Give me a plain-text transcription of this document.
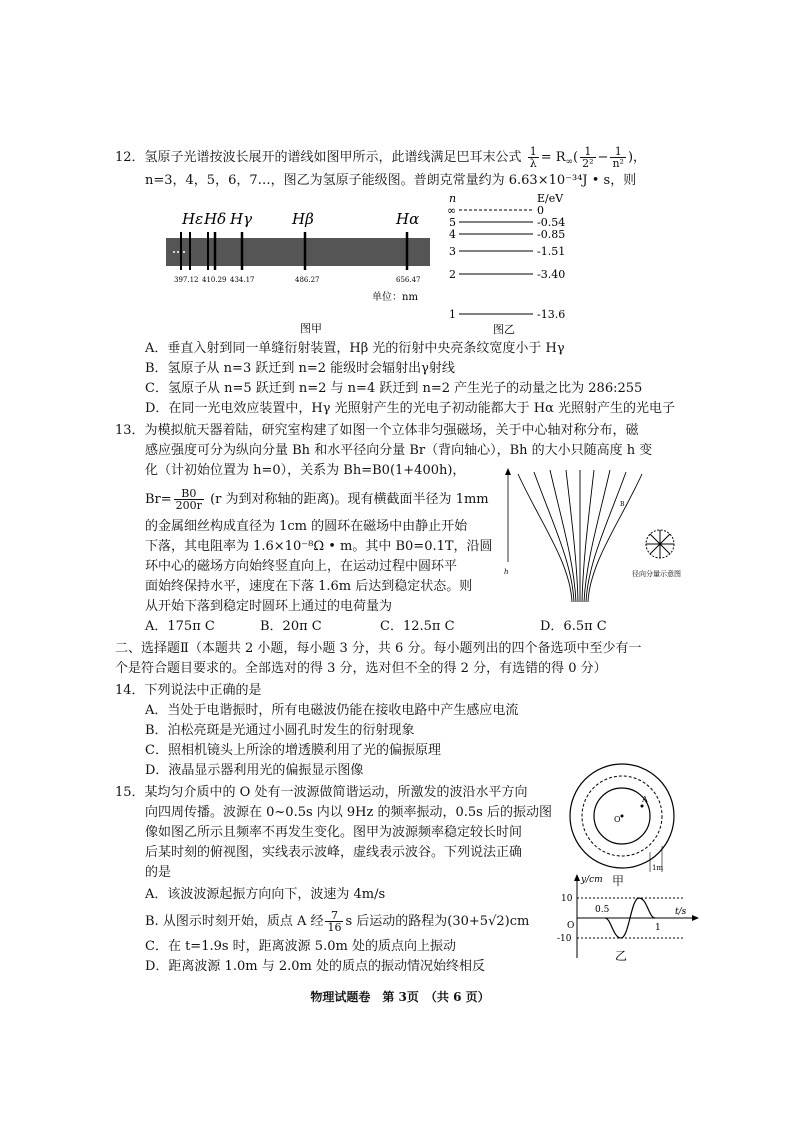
12．氢原子光谱按波长展开的谱线如图甲所示，此谱线满足巴耳末公式 $\frac{1}{\lambda} = R_\infty( \frac{1}{\text{2²}} - \frac{1}{\text{n²}}$ )，
n=3，4，5，6，7…，图乙为氢原子能级图。普朗克常量约为 6.63×10⁻³⁴J • s，则
Hε Hδ Hγ	Hβ	Hα
397.12 410.29 434.17	486.27	656.47
单位：nm
图甲
n	E/eV
∞	0
5	-0.54
4	-0.85
3	-1.51
2	-3.40
1	-13.6
图乙
A．垂直入射到同一单缝衍射装置，Hβ 光的衍射中央亮条纹宽度小于 Hγ
B．氢原子从 n=3 跃迁到 n=2 能级时会辐射出γ射线
C．氢原子从 n=5 跃迁到 n=2 与 n=4 跃迁到 n=2 产生光子的动量之比为 286:255
D．在同一光电效应装置中，Hγ 光照射产生的光电子初动能都大于 Hα 光照射产生的光电子
13．为模拟航天器着陆，研究室构建了如图一个立体非匀强磁场，关于中心轴对称分布，磁
感应强度可分为纵向分量 Bh 和水平径向分量 Br（背向轴心），Bh 的大小只随高度 h 变
化（计初始位置为 h=0），关系为 Bh=B0(1+400h)，
$Br= \frac{B0}{200r} (r$ 为到对称轴的距离)。现有横截面半径为 1mm
的金属细丝构成直径为 1cm 的圆环在磁场中由静止开始
下落，其电阻率为 1.6×10⁻⁸Ω • m。其中 B0=0.1T，沿圆
环中心的磁场方向始终竖直向上，在运动过程中圆环平
面始终保持水平，速度在下落 1.6m 后达到稳定状态。则
从开始下落到稳定时圆环上通过的电荷量为
h
B
径向分量示意图
A．175π C	B．20π C	C．12.5π C	D．6.5π C
二、选择题Ⅱ（本题共 2 小题，每小题 3 分，共 6 分。每小题列出的四个备选项中至少有一
个是符合题目要求的。全部选对的得 3 分，选对但不全的得 2 分，有选错的得 0 分）
14．下列说法中正确的是
A．当处于电谐振时，所有电磁波仍能在接收电路中产生感应电流
B．泊松亮斑是光通过小圆孔时发生的衍射现象
C．照相机镜头上所涂的增透膜利用了光的偏振原理
D．液晶显示器利用光的偏振显示图像
15．某均匀介质中的 O 处有一波源做简谐运动，所激发的波沿水平方向
向四周传播。波源在 0~0.5s 内以 9Hz 的频率振动，0.5s 后的振动图
像如图乙所示且频率不再发生变化。图甲为波源频率稳定较长时间
后某时刻的俯视图，实线表示波峰，虚线表示波谷。下列说法正确
的是
A．该波波源起振方向向下，波速为 4m/s
B. 从图示时刻开始，质点 A 经 $\frac{7}{16}$ s 后运动的路程为(30+5√2)cm
C．在 t=1.9s 时，距离波源 5.0m 处的质点向上振动
D．距离波源 1.0m 与 2.0m 处的质点的振动情况始终相反
O
A
1m
甲
y/cm
t/s
10
-10
0.5
1
O
乙
物理试题卷　第 3页　（共 6 页）
